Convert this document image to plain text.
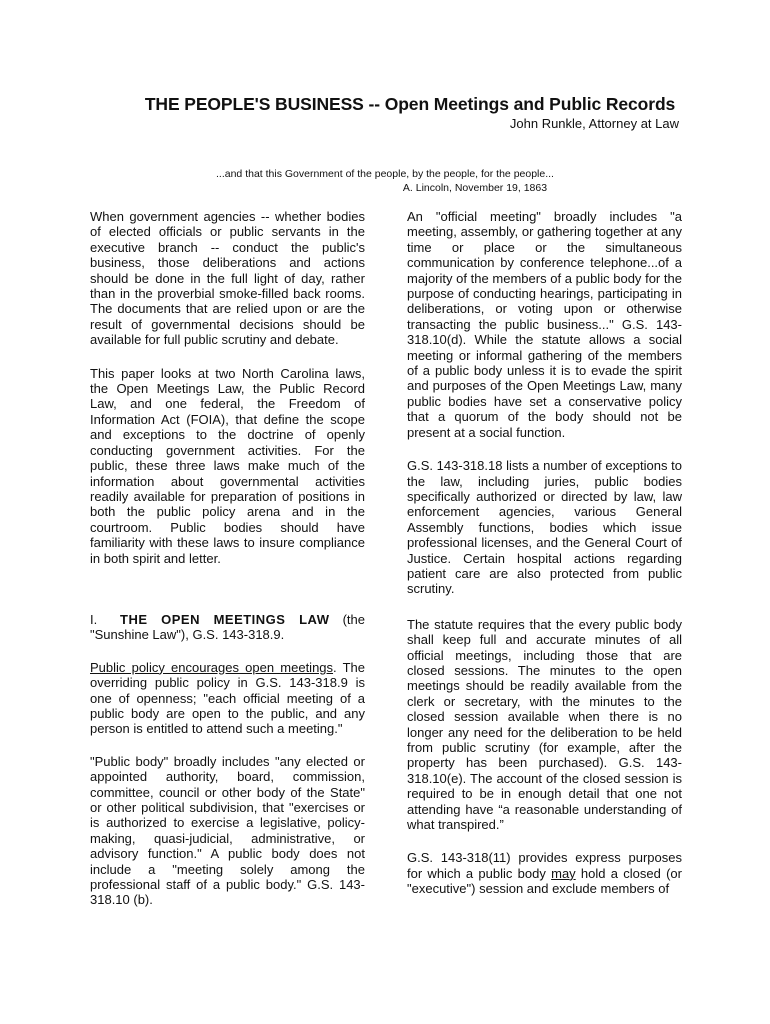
THE PEOPLE'S BUSINESS -- Open Meetings and Public Records
John Runkle, Attorney at Law
...and that this Government of the people, by the people, for the people...
A. Lincoln, November 19, 1863

When government agencies -- whether bodies of elected officials or public servants in the executive branch -- conduct the public's business, those deliberations and actions should be done in the full light of day, rather than in the proverbial smoke-filled back rooms. The documents that are relied upon or are the result of governmental decisions should be available for full public scrutiny and debate.

This paper looks at two North Carolina laws, the Open Meetings Law, the Public Record Law, and one federal, the Freedom of Information Act (FOIA), that define the scope and exceptions to the doctrine of openly conducting government activities. For the public, these three laws make much of the information about governmental activities readily available for preparation of positions in both the public policy arena and in the courtroom. Public bodies should have familiarity with these laws to insure compliance in both spirit and letter.

I. THE OPEN MEETINGS LAW (the "Sunshine Law"), G.S. 143-318.9.

Public policy encourages open meetings. The overriding public policy in G.S. 143-318.9 is one of openness; "each official meeting of a public body are open to the public, and any person is entitled to attend such a meeting."

"Public body" broadly includes "any elected or appointed authority, board, commission, committee, council or other body of the State" or other political subdivision, that "exercises or is authorized to exercise a legislative, policy-making, quasi-judicial, administrative, or advisory function." A public body does not include a "meeting solely among the professional staff of a public body." G.S. 143-318.10 (b).

An "official meeting" broadly includes "a meeting, assembly, or gathering together at any time or place or the simultaneous communication by conference telephone...of a majority of the members of a public body for the purpose of conducting hearings, participating in deliberations, or voting upon or otherwise transacting the public business..." G.S. 143-318.10(d). While the statute allows a social meeting or informal gathering of the members of a public body unless it is to evade the spirit and purposes of the Open Meetings Law, many public bodies have set a conservative policy that a quorum of the body should not be present at a social function.

G.S. 143-318.18 lists a number of exceptions to the law, including juries, public bodies specifically authorized or directed by law, law enforcement agencies, various General Assembly functions, bodies which issue professional licenses, and the General Court of Justice. Certain hospital actions regarding patient care are also protected from public scrutiny.

The statute requires that the every public body shall keep full and accurate minutes of all official meetings, including those that are closed sessions. The minutes to the open meetings should be readily available from the clerk or secretary, with the minutes to the closed session available when there is no longer any need for the deliberation to be held from public scrutiny (for example, after the property has been purchased). G.S. 143-318.10(e). The account of the closed session is required to be in enough detail that one not attending have “a reasonable understanding of what transpired.”

G.S. 143-318(11) provides express purposes for which a public body may hold a closed (or "executive") session and exclude members of
